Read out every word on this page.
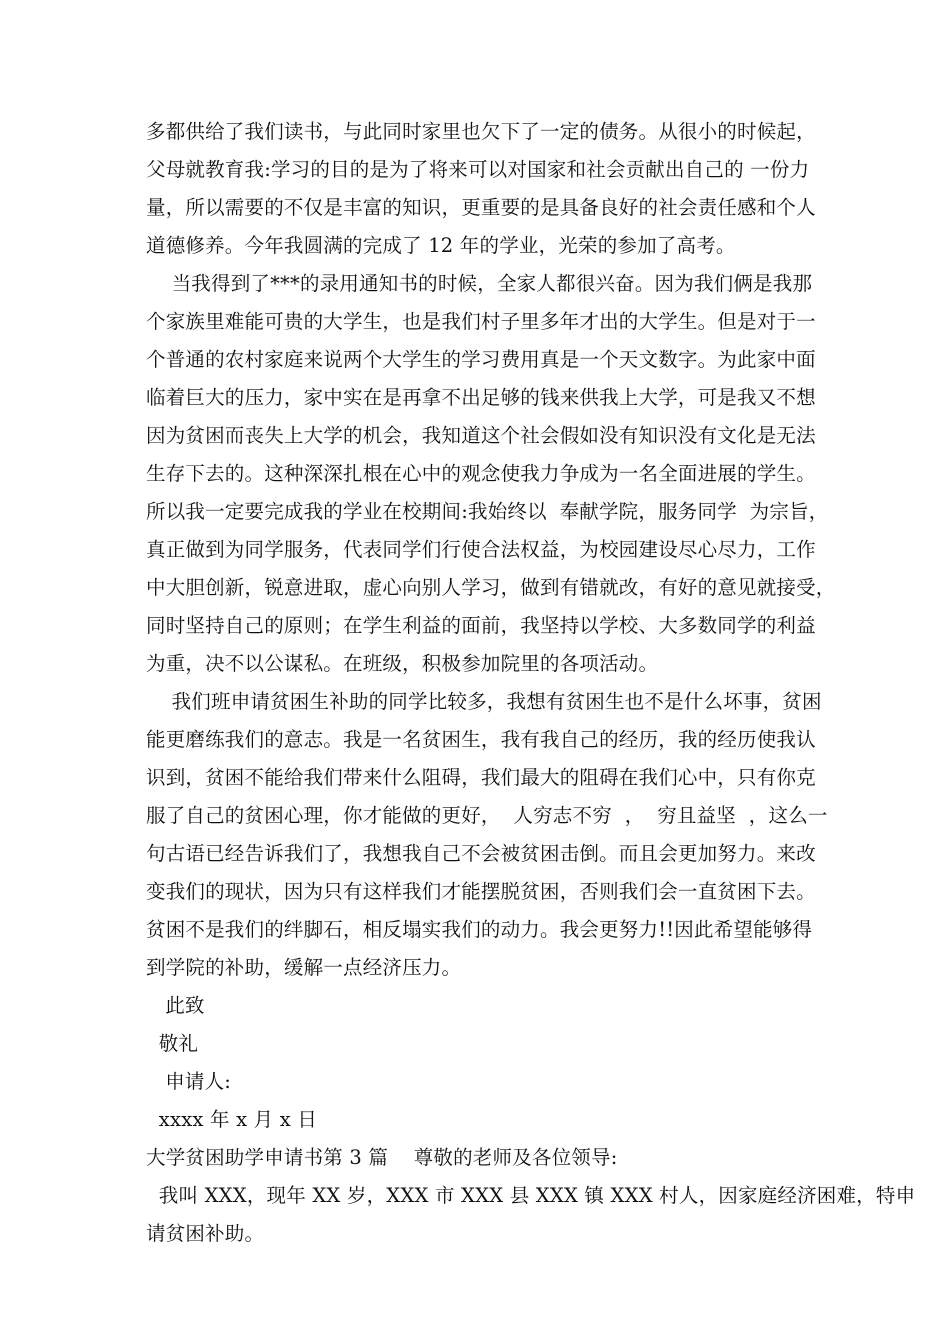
多都供给了我们读书，与此同时家里也欠下了一定的债务。从很小的时候起，
父母就教育我:学习的目的是为了将来可以对国家和社会贡献出自己的 一份力
量，所以需要的不仅是丰富的知识，更重要的是具备良好的社会责任感和个人
道德修养。今年我圆满的完成了 12 年的学业，光荣的参加了高考。
当我得到了***的录用通知书的时候，全家人都很兴奋。因为我们俩是我那
个家族里难能可贵的大学生，也是我们村子里多年才出的大学生。但是对于一
个普通的农村家庭来说两个大学生的学习费用真是一个天文数字。为此家中面
临着巨大的压力，家中实在是再拿不出足够的钱来供我上大学，可是我又不想
因为贫困而丧失上大学的机会，我知道这个社会假如没有知识没有文化是无法
生存下去的。这种深深扎根在心中的观念使我力争成为一名全面进展的学生。
所以我一定要完成我的学业在校期间:我始终以  奉献学院，服务同学  为宗旨，
真正做到为同学服务，代表同学们行使合法权益，为校园建设尽心尽力，工作
中大胆创新，锐意进取，虚心向别人学习，做到有错就改，有好的意见就接受，
同时坚持自己的原则；在学生利益的面前，我坚持以学校、大多数同学的利益
为重，决不以公谋私。在班级，积极参加院里的各项活动。
我们班申请贫困生补助的同学比较多，我想有贫困生也不是什么坏事，贫困
能更磨练我们的意志。我是一名贫困生，我有我自己的经历，我的经历使我认
识到，贫困不能给我们带来什么阻碍，我们最大的阻碍在我们心中，只有你克
服了自己的贫困心理，你才能做的更好，  人穷志不穷  ，  穷且益坚  ，这么一
句古语已经告诉我们了，我想我自己不会被贫困击倒。而且会更加努力。来改
变我们的现状，因为只有这样我们才能摆脱贫困，否则我们会一直贫困下去。
贫困不是我们的绊脚石，相反塌实我们的动力。我会更努力!!因此希望能够得
到学院的补助，缓解一点经济压力。
此致
敬礼
申请人:
xxxx 年 x 月 x 日
大学贫困助学申请书第 3 篇    尊敬的老师及各位领导:
我叫 XXX，现年 XX 岁，XXX 市 XXX 县 XXX 镇 XXX 村人，因家庭经济困难，特申
请贫困补助。
